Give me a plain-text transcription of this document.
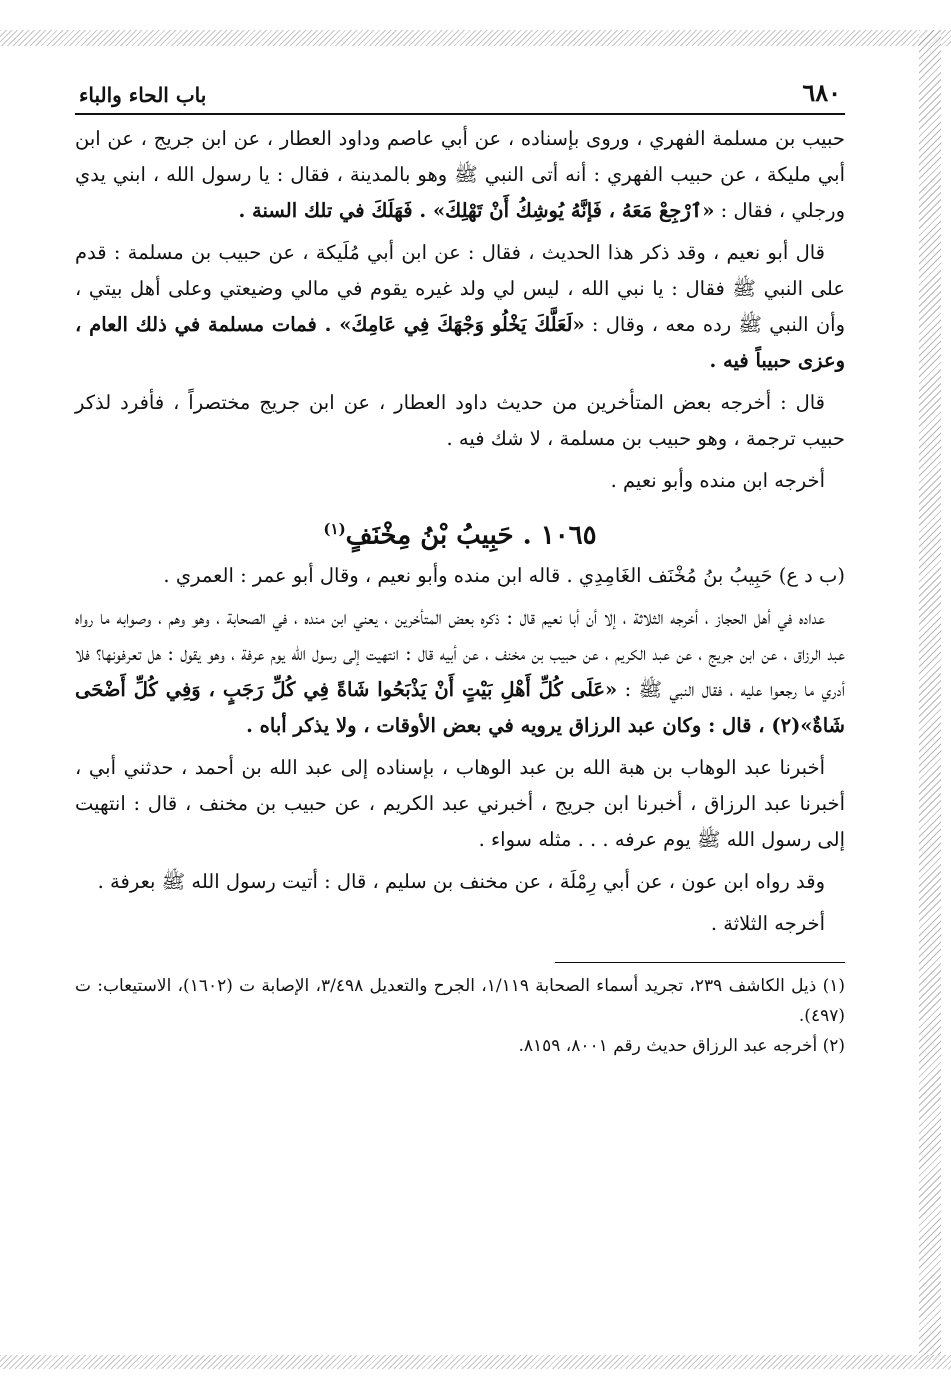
٦٨٠
باب الحاء والباء

حبيب بن مسلمة الفهري ، وروى بإسناده ، عن أبي عاصم وداود العطار ، عن ابن جريج ، عن ابن أبي مليكة ، عن حبيب الفهري : أنه أتى النبي ﷺ وهو بالمدينة ، فقال : يا رسول الله ، ابني يدي ورجلي ، فقال : «ٱرْجِعْ مَعَهُ ، فَإنَّهُ يُوشِكُ أَنْ تَهْلِكَ» . فَهَلَكَ في تلك السنة .

قال أبو نعيم ، وقد ذكر هذا الحديث ، فقال : عن ابن أبي مُلَيكة ، عن حبيب بن مسلمة : قدم على النبي ﷺ فقال : يا نبي الله ، ليس لي ولد غيره يقوم في مالي وضيعتي وعلى أهل بيتي ، وأن النبي ﷺ رده معه ، وقال : «لَعَلَّكَ يَخْلُو وَجْهَكَ فِي عَامِكَ» . فمات مسلمة في ذلك العام ، وعزى حبيباً فيه .

قال : أخرجه بعض المتأخرين من حديث داود العطار ، عن ابن جريج مختصراً ، فأفرد لذكر حبيب ترجمة ، وهو حبيب بن مسلمة ، لا شك فيه .

أخرجه ابن منده وأبو نعيم .

١٠٦٥ . حَبِيبُ بْنُ مِخْنَفٍ$^{(١)}$

(ب د ع) حَبِيبُ بنُ مُخْنَف الغَامِدِي . قاله ابن منده وأبو نعيم ، وقال أبو عمر : العمري .

عداده في أهل الحجاز ، أخرجه الثلاثة ، إلا أن أبا نعيم قال : ذكره بعض المتأخرين ، يعني ابن منده ، في الصحابة ، وهو وهم ، وصوابه ما رواه عبد الرزاق ، عن ابن جريج ، عن عبد الكريم ، عن حبيب بن مخنف ، عن أبيه قال : انتهيت إلى رسول الله يوم عرفة ، وهو يقول : هل تعرفونها؟ فلا أدري ما رجعوا عليه ، فقال النبي ﷺ : «عَلَى كُلِّ أَهْلِ بَيْتٍ أَنْ يَذْبَحُوا شَاةً فِي كُلِّ رَجَبٍ ، وَفِي كُلِّ أَضْحَى شَاةٌ»(٢) ، قال : وكان عبد الرزاق يرويه في بعض الأوقات ، ولا يذكر أباه .

أخبرنا عبد الوهاب بن هبة الله بن عبد الوهاب ، بإسناده إلى عبد الله بن أحمد ، حدثني أبي ، أخبرنا عبد الرزاق ، أخبرنا ابن جريج ، أخبرني عبد الكريم ، عن حبيب بن مخنف ، قال : انتهيت إلى رسول الله ﷺ يوم عرفه . . . مثله سواء .

وقد رواه ابن عون ، عن أبي رِمْلَة ، عن مخنف بن سليم ، قال : أتيت رسول الله ﷺ بعرفة .

أخرجه الثلاثة .

(١) ذيل الكاشف ٢٣٩، تجريد أسماء الصحابة ١/١١٩، الجرح والتعديل ٣/٤٩٨، الإصابة ت (١٦٠٢)، الاستيعاب: ت (٤٩٧).

(٢) أخرجه عبد الرزاق حديث رقم ٨٠٠١، ٨١٥٩.
